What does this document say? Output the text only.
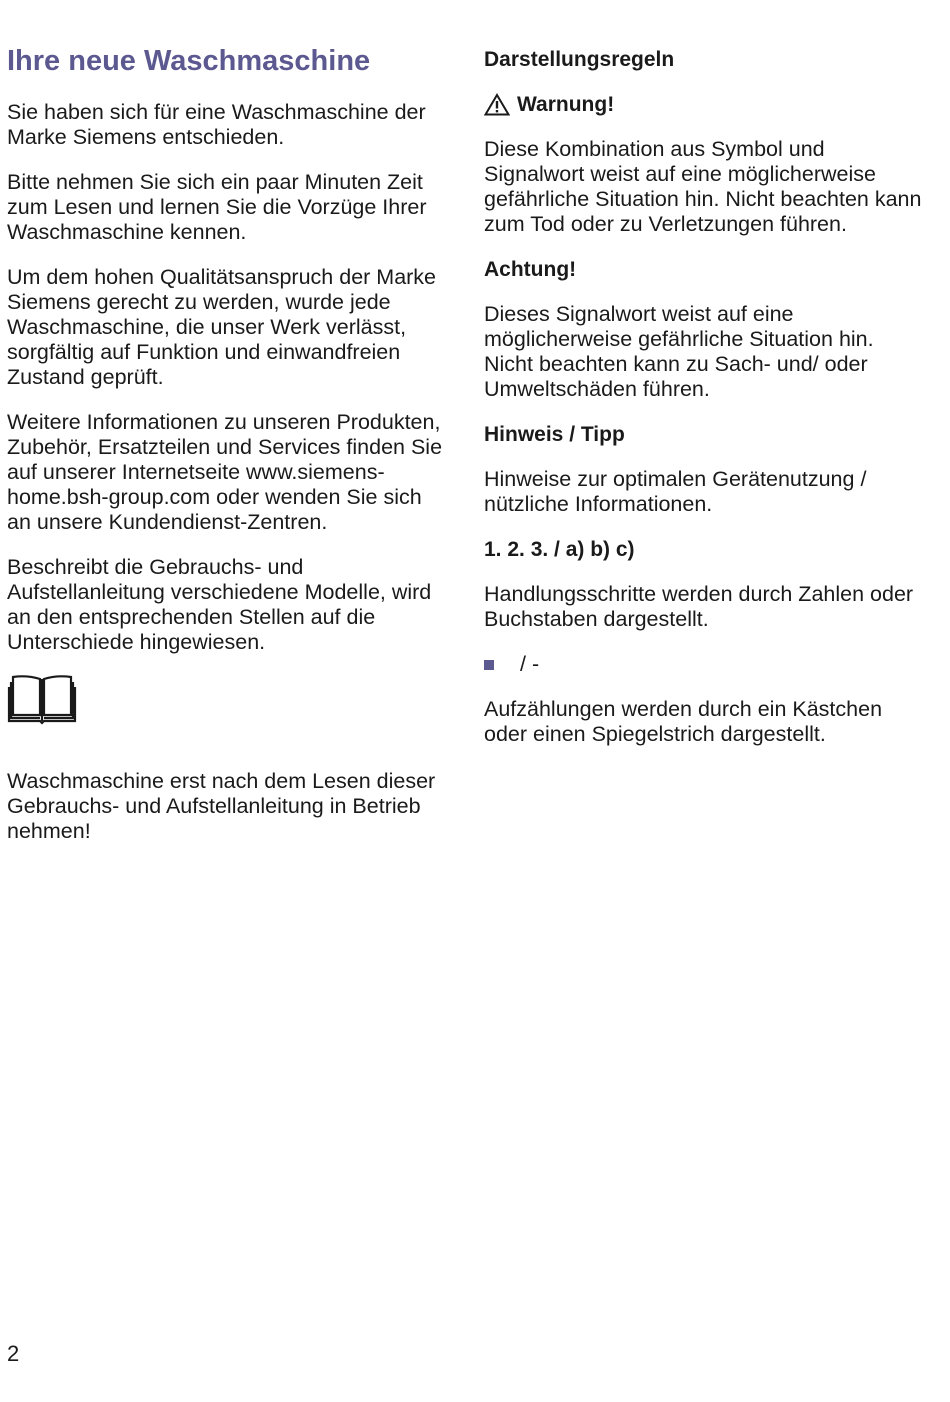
Ihre neue Waschmaschine

Sie haben sich für eine Waschmaschine der Marke Siemens entschieden.

Bitte nehmen Sie sich ein paar Minuten Zeit zum Lesen und lernen Sie die Vorzüge Ihrer Waschmaschine kennen.

Um dem hohen Qualitätsanspruch der Marke Siemens gerecht zu werden, wurde jede Waschmaschine, die unser Werk verlässt, sorgfältig auf Funktion und einwandfreien Zustand geprüft.

Weitere Informationen zu unseren Produkten, Zubehör, Ersatzteilen und Services finden Sie auf unserer Internetseite www.siemens-home.bsh-group.com oder wenden Sie sich an unsere Kundendienst-Zentren.

Beschreibt die Gebrauchs- und Aufstellanleitung verschiedene Modelle, wird an den entsprechenden Stellen auf die Unterschiede hingewiesen.

Waschmaschine erst nach dem Lesen dieser Gebrauchs- und Aufstellanleitung in Betrieb nehmen!

Darstellungsregeln
Warnung!

Diese Kombination aus Symbol und Signalwort weist auf eine möglicherweise gefährliche Situation hin. Nicht beachten kann zum Tod oder zu Verletzungen führen.

Achtung!

Dieses Signalwort weist auf eine möglicherweise gefährliche Situation hin. Nicht beachten kann zu Sach- und/ oder Umweltschäden führen.

Hinweis / Tipp

Hinweise zur optimalen Gerätenutzung / nützliche Informationen.

1. 2. 3. / a) b) c)

Handlungsschritte werden durch Zahlen oder Buchstaben dargestellt.

/ -

Aufzählungen werden durch ein Kästchen oder einen Spiegelstrich dargestellt.

2
